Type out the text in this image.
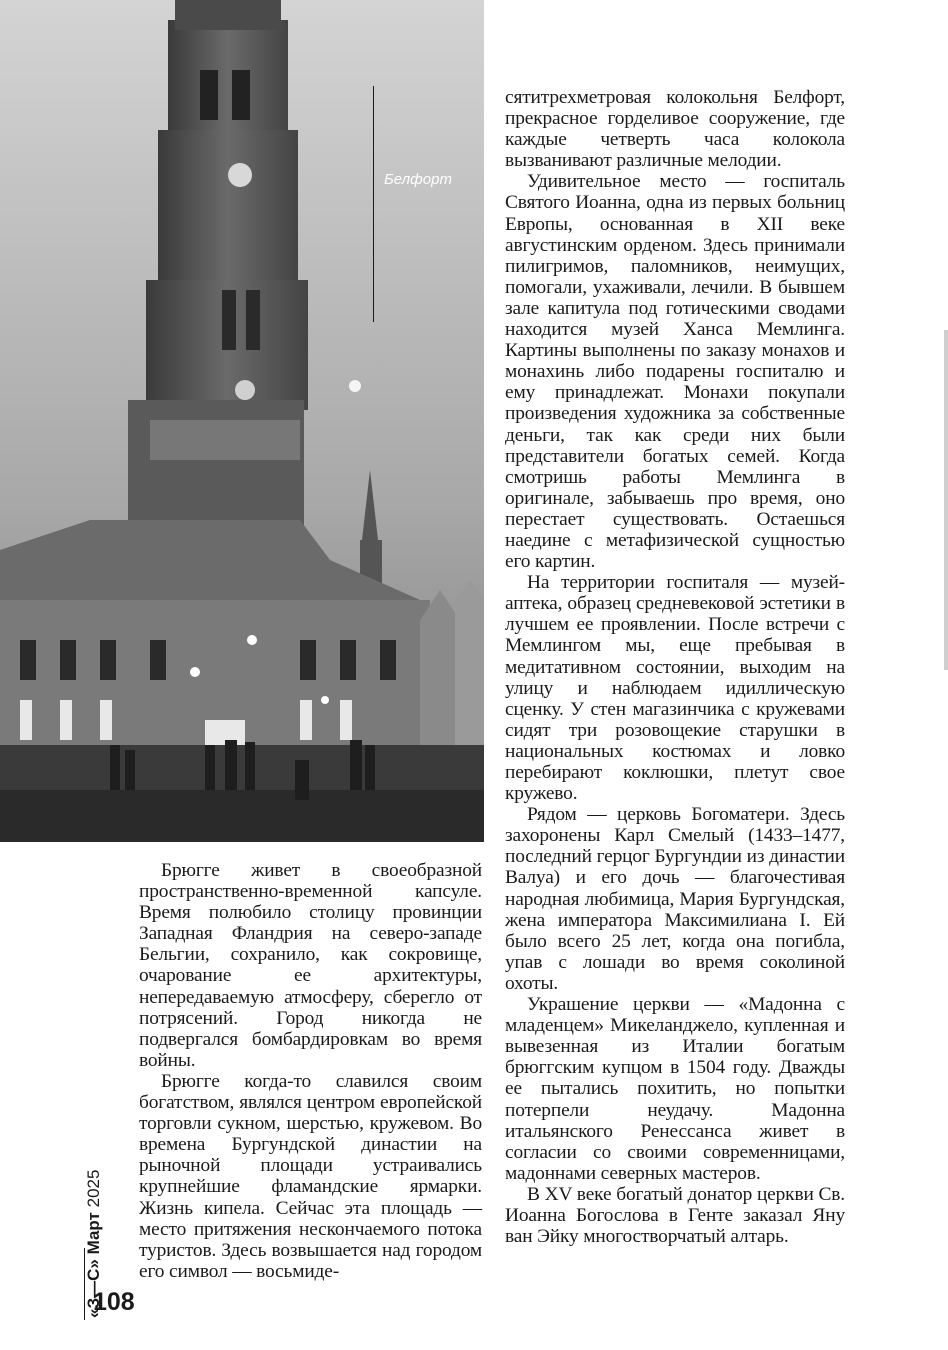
Белфорт

сятитрехметровая колокольня Белфорт, прекрасное горделивое сооружение, где каждые четверть часа колокола вызванивают различные мелодии.

Удивительное место — госпиталь Святого Иоанна, одна из первых больниц Европы, основанная в XII веке августинским орденом. Здесь принимали пилигримов, паломников, неимущих, помогали, ухаживали, лечили. В бывшем зале капитула под готическими сводами находится музей Ханса Мемлинга. Картины выполнены по заказу монахов и монахинь либо подарены госпиталю и ему принадлежат. Монахи покупали произведения художника за собственные деньги, так как среди них были представители богатых семей. Когда смотришь работы Мемлинга в оригинале, забываешь про время, оно перестает существовать. Остаешься наедине с метафизической сущностью его картин.

На территории госпиталя — музей-аптека, образец средневековой эстетики в лучшем ее проявлении. После встречи с Мемлингом мы, еще пребывая в медитативном состоянии, выходим на улицу и наблюдаем идиллическую сценку. У стен магазинчика с кружевами сидят три розовощекие старушки в национальных костюмах и ловко перебирают коклюшки, плетут свое кружево.

Рядом — церковь Богоматери. Здесь захоронены Карл Смелый (1433–1477, последний герцог Бургундии из династии Валуа) и его дочь — благочестивая народная любимица, Мария Бургундская, жена императора Максимилиана I. Ей было всего 25 лет, когда она погибла, упав с лошади во время соколиной охоты.

Украшение церкви — «Мадонна с младенцем» Микеланджело, купленная и вывезенная из Италии богатым брюггским купцом в 1504 году. Дважды ее пытались похитить, но попытки потерпели неудачу. Мадонна итальянского Ренессанса живет в согласии со своими современницами, мадоннами северных мастеров.

В XV веке богатый донатор церкви Св. Иоанна Богослова в Генте заказал Яну ван Эйку многостворчатый алтарь.

Брюгге живет в своеобразной пространственно-временной капсуле. Время полюбило столицу провинции Западная Фландрия на северо-западе Бельгии, сохранило, как сокровище, очарование ее архитектуры, непередаваемую атмосферу, сберегло от потрясений. Город никогда не подвергался бомбардировкам во время войны.

Брюгге когда-то славился своим богатством, являлся центром европейской торговли сукном, шерстью, кружевом. Во времена Бургундской династии на рыночной площади устраивались крупнейшие фламандские ярмарки. Жизнь кипела. Сейчас эта площадь — место притяжения нескончаемого потока туристов. Здесь возвышается над городом его символ — восьмиде-

«З—С» Март 2025
108
